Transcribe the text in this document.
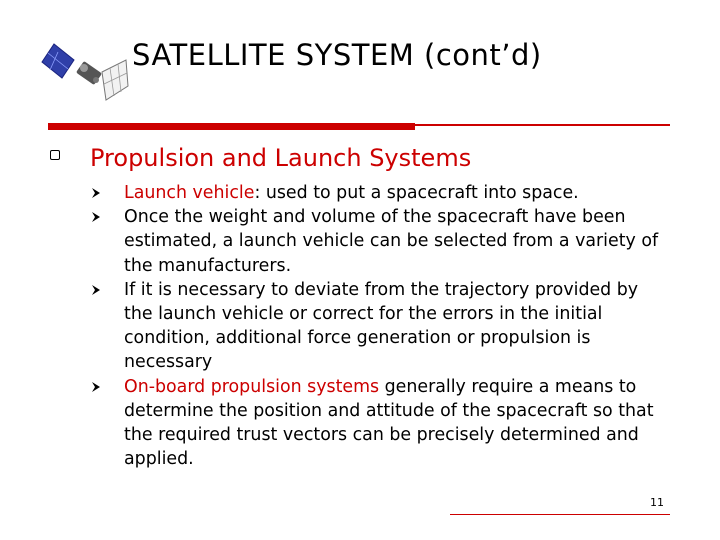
SATELLITE SYSTEM (cont’d)
Propulsion and Launch Systems
Launch vehicle: used to put a spacecraft into space.
Once the weight and volume of the spacecraft have been estimated, a launch vehicle can be selected from a variety of the manufacturers.
If it is necessary to deviate from the trajectory provided by the launch vehicle or correct for the errors in the initial condition, additional force generation or propulsion is necessary
On-board propulsion systems generally require a means to determine the position and attitude of the spacecraft so that the required trust vectors can be precisely determined and applied.
11
